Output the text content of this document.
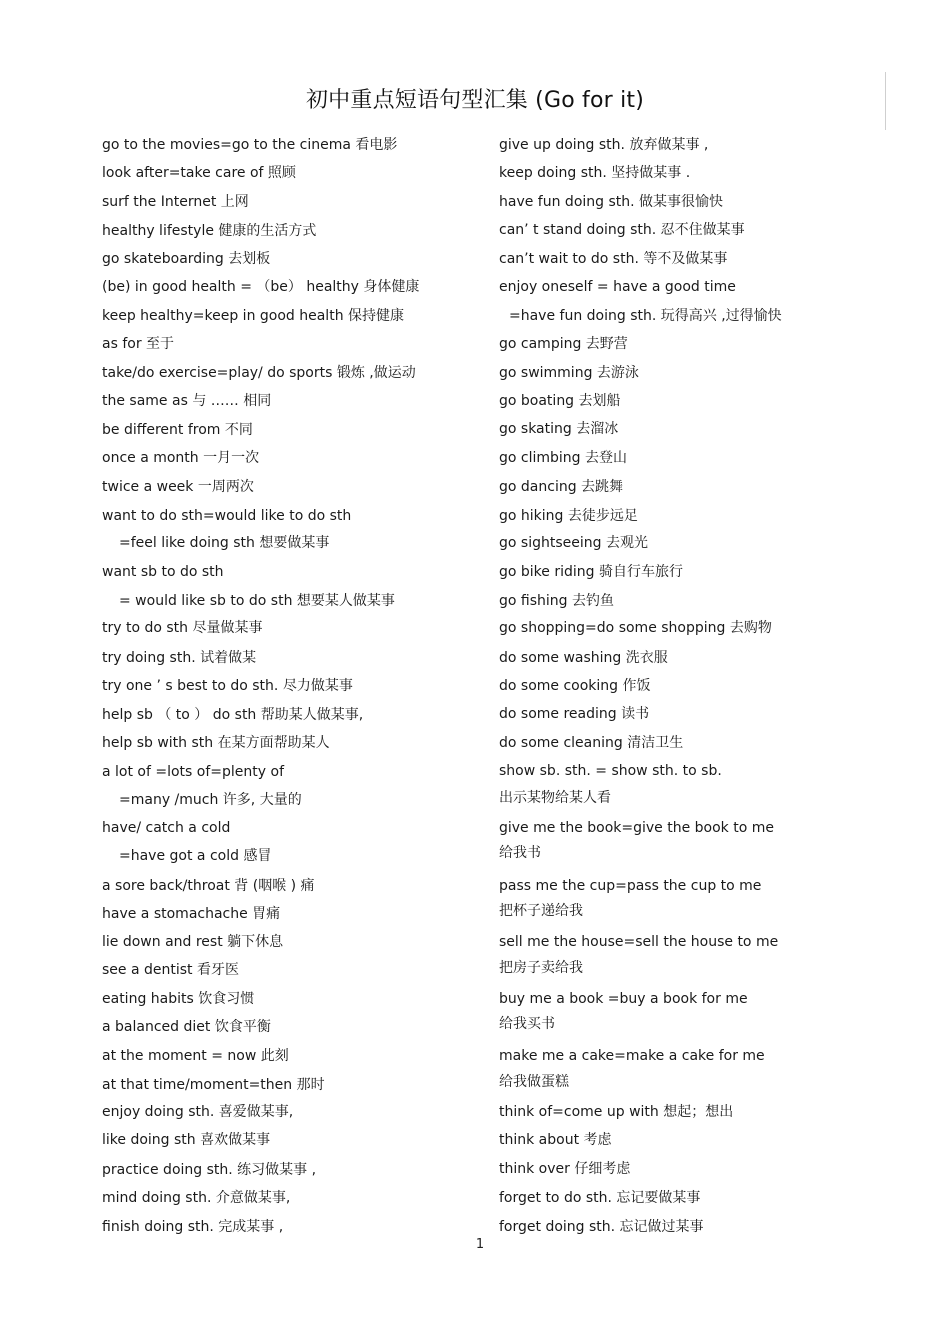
初中重点短语句型汇集 (Go for it)
go to the movies=go to the cinema 看电影
look after=take care of 照顾
surf the Internet 上网
healthy lifestyle 健康的生活方式
go skateboarding 去划板
(be) in good health = （be） healthy 身体健康
keep healthy=keep in good health 保持健康
as for 至于
take/do exercise=play/ do sports 锻炼 ,做运动
the same as 与 …… 相同
be different from 不同
once a month 一月一次
twice a week 一周两次
want to do sth=would like to do sth
=feel like doing sth 想要做某事
want sb to do sth
= would like sb to do sth 想要某人做某事
try to do sth 尽量做某事
try doing sth. 试着做某
try one ’ s best to do sth. 尽力做某事
help sb （ to ） do sth 帮助某人做某事,
help sb with sth 在某方面帮助某人
a lot of =lots of=plenty of
=many /much 许多, 大量的
have/ catch a cold
=have got a cold 感冒
a sore back/throat 背 (咽喉 ) 痛
have a stomachache 胃痛
lie down and rest 躺下休息
see a dentist 看牙医
eating habits 饮食习惯
a balanced diet 饮食平衡
at the moment = now 此刻
at that time/moment=then 那时
enjoy doing sth. 喜爱做某事,
like doing sth 喜欢做某事
practice doing sth. 练习做某事 ,
mind doing sth. 介意做某事,
finish doing sth. 完成某事 ,
give up doing sth. 放弃做某事 ,
keep doing sth. 坚持做某事 .
have fun doing sth. 做某事很愉快
can’ t stand doing sth. 忍不住做某事
can’t wait to do sth. 等不及做某事
enjoy oneself = have a good time
=have fun doing sth. 玩得高兴 ,过得愉快
go camping 去野营
go swimming 去游泳
go boating 去划船
go skating 去溜冰
go climbing 去登山
go dancing 去跳舞
go hiking 去徒步远足
go sightseeing 去观光
go bike riding 骑自行车旅行
go fishing 去钓鱼
go shopping=do some shopping 去购物
do some washing 洗衣服
do some cooking 作饭
do some reading 读书
do some cleaning 清洁卫生
show sb. sth. = show sth. to sb.
出示某物给某人看
give me the book=give the book to me
给我书
pass me the cup=pass the cup to me
把杯子递给我
sell me the house=sell the house to me
把房子卖给我
buy me a book =buy a book for me
给我买书
make me a cake=make a cake for me
给我做蛋糕
think of=come up with 想起；想出
think about 考虑
think over 仔细考虑
forget to do sth. 忘记要做某事
forget doing sth. 忘记做过某事
1
